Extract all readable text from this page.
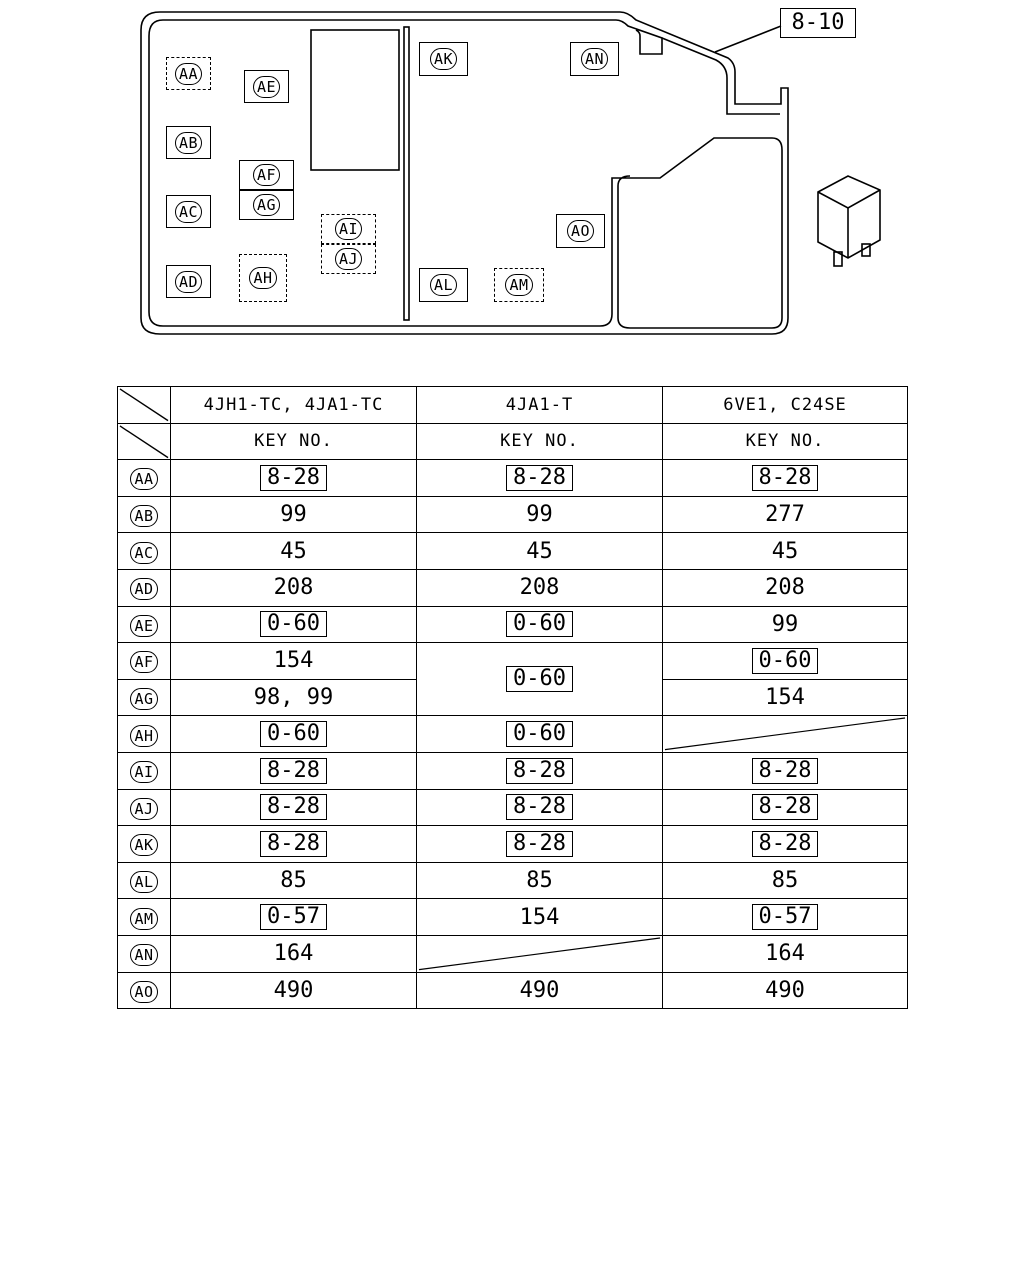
8-10
AA
AB
AC
AD
AE
AF
AG
AH
AI
AJ
AK
AL	AM
AN
AO
	4JH1-TC, 4JA1-TC	4JA1-T	6VE1, C24SE

	KEY NO.	KEY NO.	KEY NO.
AA	8-28	8-28	8-28
AB	99	99	277
AC	45	45	45
AD	208	208	208
AE	0-60	0-60	99
AF	154	0-60	0-60
AG	98, 99		154
AH	0-60	0-60	

AI	8-28	8-28	8-28
AJ	8-28	8-28	8-28
AK	8-28	8-28	8-28
AL	85	85	85
AM	0-57	154	0-57
AN	164		164
AO	490	490	490
